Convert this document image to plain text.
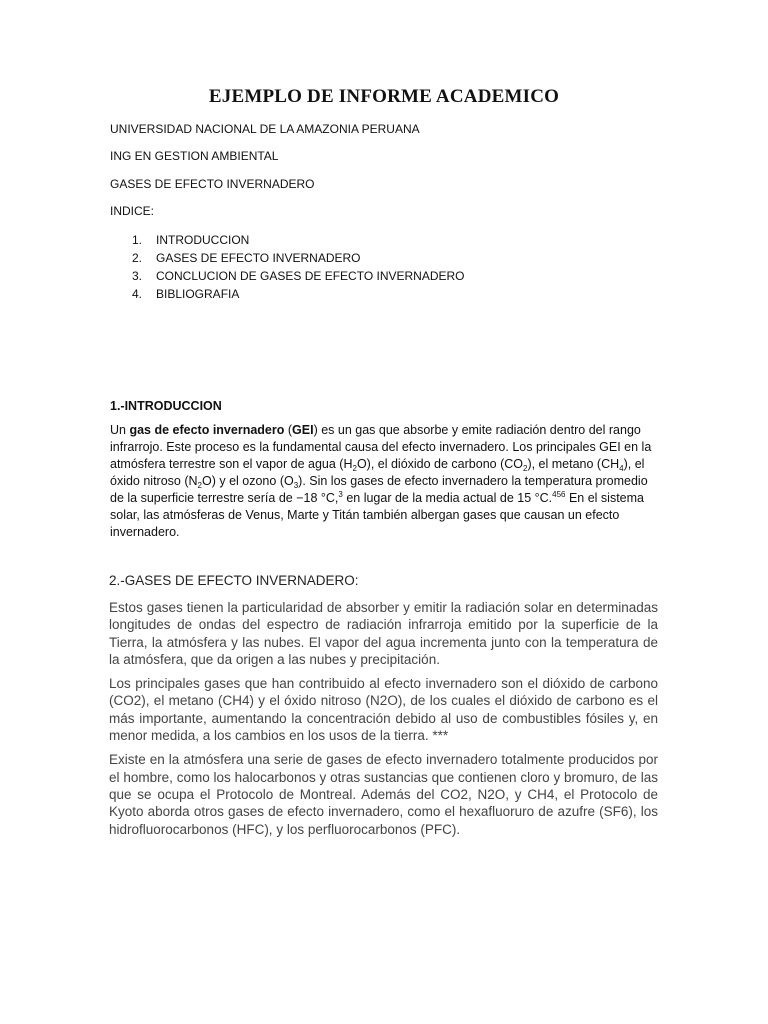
EJEMPLO DE INFORME ACADEMICO
UNIVERSIDAD NACIONAL DE LA AMAZONIA PERUANA
ING EN GESTION AMBIENTAL
GASES DE EFECTO INVERNADERO
INDICE:
1. INTRODUCCION
2. GASES DE EFECTO INVERNADERO
3. CONCLUCION DE GASES DE EFECTO INVERNADERO
4. BIBLIOGRAFIA
1.-INTRODUCCION

Un gas de efecto invernadero (GEI) es un gas que absorbe y emite radiación dentro del rango infrarrojo. Este proceso es la fundamental causa del efecto invernadero. Los principales GEI en la atmósfera terrestre son el vapor de agua $(H_2O)$, el dióxido de carbono $(CO_2)$, el metano $(CH_4)$, el óxido nitroso $(N_2O)$ y el ozono $(O_3)$. Sin los gases de efecto invernadero la temperatura promedio de la superficie terrestre sería de −18 °C,$^3$ en lugar de la media actual de 15 °C.$^{456}$ En el sistema solar, las atmósferas de Venus, Marte y Titán también albergan gases que causan un efecto invernadero.

2.-GASES DE EFECTO INVERNADERO:

Estos gases tienen la particularidad de absorber y emitir la radiación solar en determinadas longitudes de ondas del espectro de radiación infrarroja emitido por la superficie de la Tierra, la atmósfera y las nubes. El vapor del agua incrementa junto con la temperatura de la atmósfera, que da origen a las nubes y precipitación.

Los principales gases que han contribuido al efecto invernadero son el dióxido de carbono (CO2), el metano (CH4) y el óxido nitroso (N2O), de los cuales el dióxido de carbono es el más importante, aumentando la concentración debido al uso de combustibles fósiles y, en menor medida, a los cambios en los usos de la tierra. ***

Existe en la atmósfera una serie de gases de efecto invernadero totalmente producidos por el hombre, como los halocarbonos y otras sustancias que contienen cloro y bromuro, de las que se ocupa el Protocolo de Montreal. Además del CO2, N2O, y CH4, el Protocolo de Kyoto aborda otros gases de efecto invernadero, como el hexafluoruro de azufre (SF6), los hidrofluorocarbonos (HFC), y los perfluorocarbonos (PFC).
